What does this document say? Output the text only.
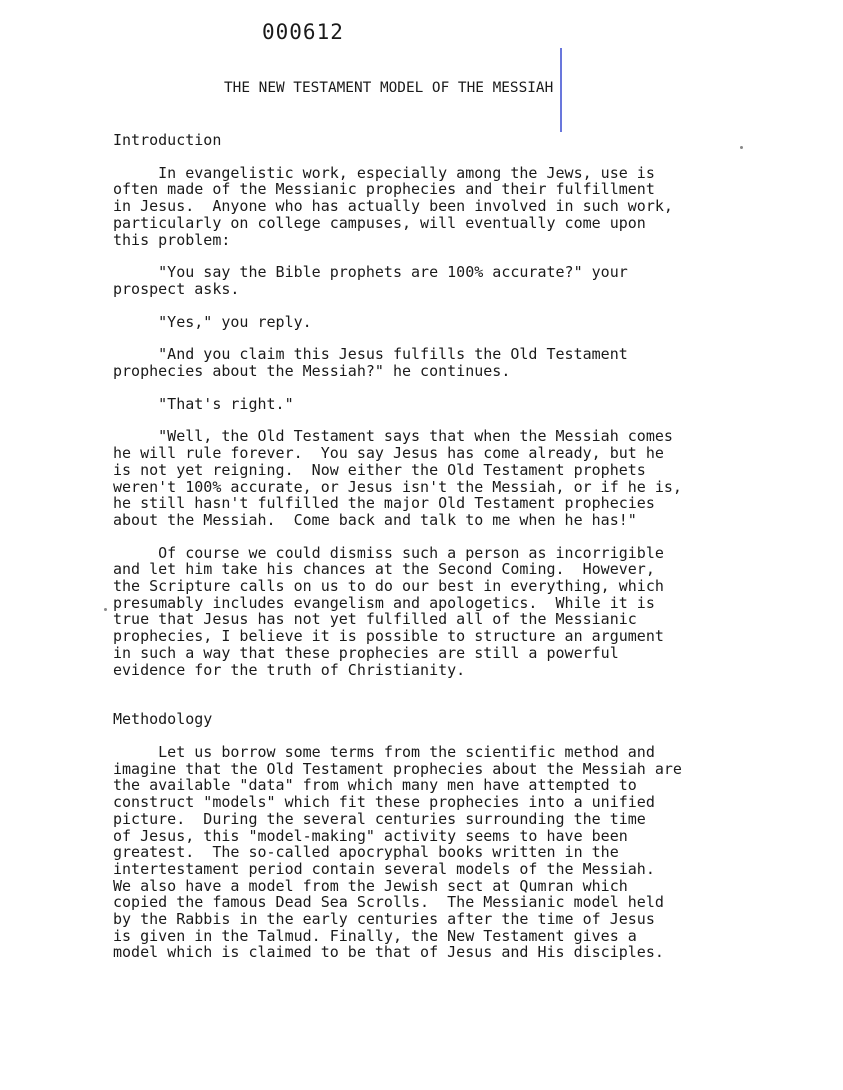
000612
THE NEW TESTAMENT MODEL OF THE MESSIAH
Introduction
In evangelistic work, especially among the Jews, use is
often made of the Messianic prophecies and their fulfillment
in Jesus.  Anyone who has actually been involved in such work,
particularly on college campuses, will eventually come upon
this problem:
"You say the Bible prophets are 100% accurate?" your
prospect asks.
"Yes," you reply.
"And you claim this Jesus fulfills the Old Testament
prophecies about the Messiah?" he continues.
"That's right."
"Well, the Old Testament says that when the Messiah comes
he will rule forever.  You say Jesus has come already, but he
is not yet reigning.  Now either the Old Testament prophets
weren't 100% accurate, or Jesus isn't the Messiah, or if he is,
he still hasn't fulfilled the major Old Testament prophecies
about the Messiah.  Come back and talk to me when he has!"
Of course we could dismiss such a person as incorrigible
and let him take his chances at the Second Coming.  However,
the Scripture calls on us to do our best in everything, which
presumably includes evangelism and apologetics.  While it is
true that Jesus has not yet fulfilled all of the Messianic
prophecies, I believe it is possible to structure an argument
in such a way that these prophecies are still a powerful
evidence for the truth of Christianity.
Methodology
Let us borrow some terms from the scientific method and
imagine that the Old Testament prophecies about the Messiah are
the available "data" from which many men have attempted to
construct "models" which fit these prophecies into a unified
picture.  During the several centuries surrounding the time
of Jesus, this "model-making" activity seems to have been
greatest.  The so-called apocryphal books written in the
intertestament period contain several models of the Messiah.
We also have a model from the Jewish sect at Qumran which
copied the famous Dead Sea Scrolls.  The Messianic model held
by the Rabbis in the early centuries after the time of Jesus
is given in the Talmud. Finally, the New Testament gives a
model which is claimed to be that of Jesus and His disciples.
